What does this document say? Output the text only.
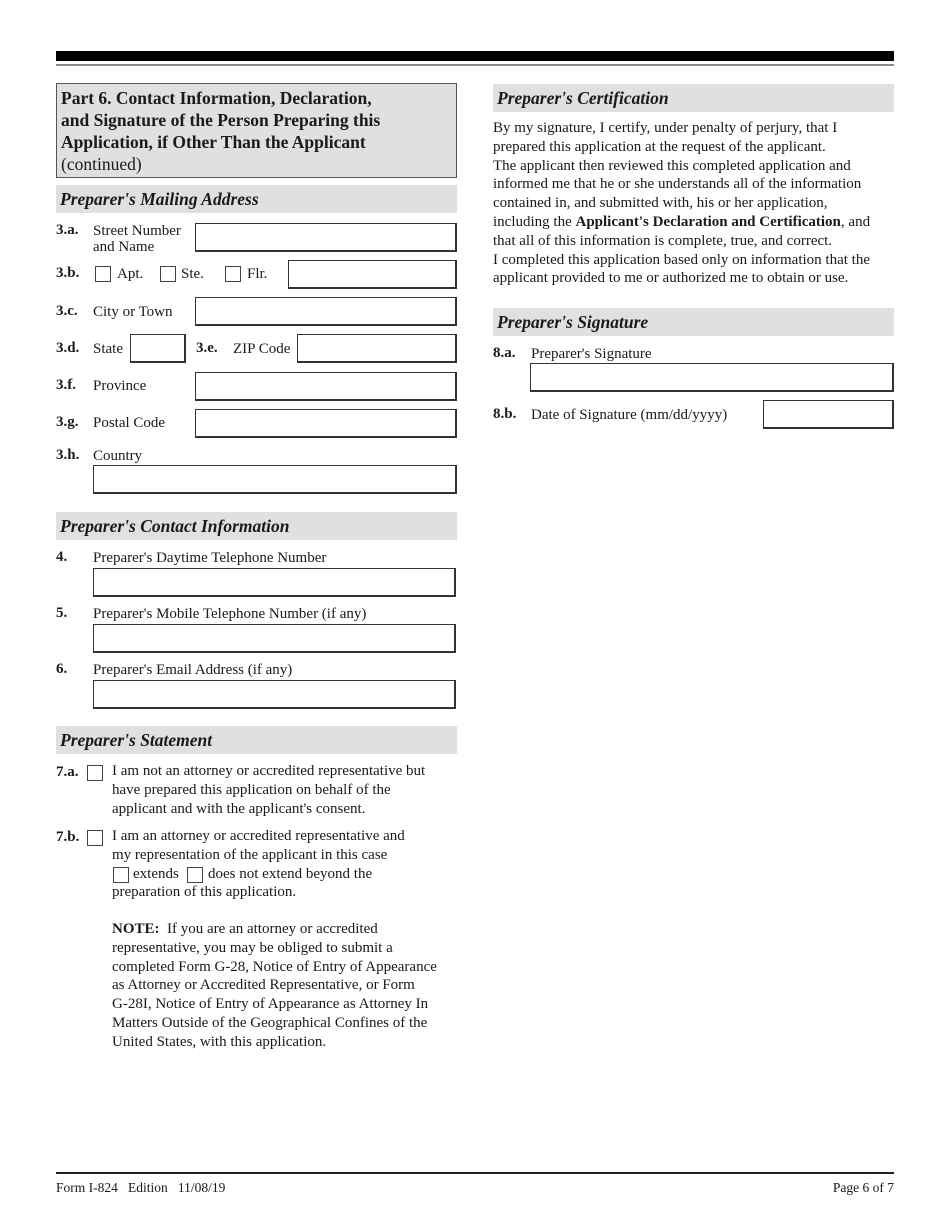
Part 6. Contact Information, Declaration,
and Signature of the Person Preparing this
Application, if Other Than the Applicant
(continued)
Preparer's Mailing Address
3.a. Street Number
and Name
3.b.	Apt.	Ste.	Flr.
3.c. City or Town
3.d. State	3.e. ZIP Code
3.f. Province
3.g. Postal Code
3.h. Country
Preparer's Contact Information
4. Preparer's Daytime Telephone Number
5. Preparer's Mobile Telephone Number (if any)
6. Preparer's Email Address (if any)
Preparer's Statement
7.a. I am not an attorney or accredited representative but
have prepared this application on behalf of the
applicant and with the applicant's consent.
7.b. I am an attorney or accredited representative and
my representation of the applicant in this case
extends does not extend beyond the
preparation of this application.
NOTE: If you are an attorney or accredited
representative, you may be obliged to submit a
completed Form G-28, Notice of Entry of Appearance
as Attorney or Accredited Representative, or Form
G-28I, Notice of Entry of Appearance as Attorney In
Matters Outside of the Geographical Confines of the
United States, with this application.
Preparer's Certification
By my signature, I certify, under penalty of perjury, that I
prepared this application at the request of the applicant.
The applicant then reviewed this completed application and
informed me that he or she understands all of the information
contained in, and submitted with, his or her application,
including the Applicant's Declaration and Certification, and
that all of this information is complete, true, and correct.
I completed this application based only on information that the
applicant provided to me or authorized me to obtain or use.
Preparer's Signature
8.a. Preparer's Signature
8.b. Date of Signature (mm/dd/yyyy)
Form I-824   Edition   11/08/19	Page 6 of 7
